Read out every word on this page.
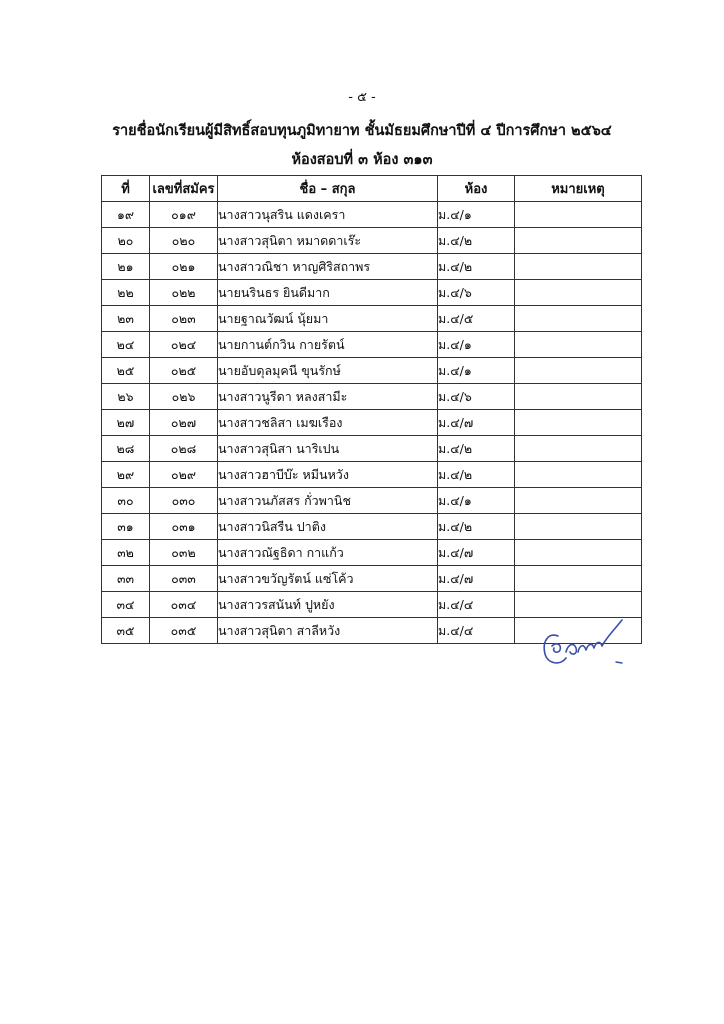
- ๕ -
รายชื่อนักเรียนผู้มีสิทธิ์สอบทุนภูมิทายาท ชั้นมัธยมศึกษาปีที่ ๔ ปีการศึกษา ๒๕๖๔
ห้องสอบที่ ๓ ห้อง ๓๑๓
ที่	เลขที่สมัคร	ชื่อ – สกุล	ห้อง	หมายเหตุ
๑๙	๐๑๙	นางสาวนุสริน แดงเครา	ม.๔/๑	
๒๐	๐๒๐	นางสาวสุนิตา หมาดดาเร๊ะ	ม.๔/๒	
๒๑	๐๒๑	นางสาวณิชา หาญศิริสถาพร	ม.๔/๒	
๒๒	๐๒๒	นายนรินธร ยินดีมาก	ม.๔/๖	
๒๓	๐๒๓	นายฐาณวัฒน์ นุ้ยมา	ม.๔/๕	
๒๔	๐๒๔	นายกานต์กวิน กายรัตน์	ม.๔/๑	
๒๕	๐๒๕	นายอับดุลมุคนี ขุนรักษ์	ม.๔/๑	
๒๖	๐๒๖	นางสาวนูรีดา หลงสามีะ	ม.๔/๖	
๒๗	๐๒๗	นางสาวชลิสา เมฆเรือง	ม.๔/๗	
๒๘	๐๒๘	นางสาวสุนิสา นาริเปน	ม.๔/๒	
๒๙	๐๒๙	นางสาวฮาบีบ๊ะ หมีนหวัง	ม.๔/๒	
๓๐	๐๓๐	นางสาวนภัสสร กั่วพานิช	ม.๔/๑	
๓๑	๐๓๑	นางสาวนิสรีน ปาติง	ม.๔/๒	
๓๒	๐๓๒	นางสาวณัฐธิดา กาแก้ว	ม.๔/๗	
๓๓	๐๓๓	นางสาวขวัญรัตน์ แซ่โค้ว	ม.๔/๗	
๓๔	๐๓๔	นางสาวรสนันท์ ปูหยัง	ม.๔/๔	
๓๕	๐๓๕	นางสาวสุนิตา สาลีหวัง	ม.๔/๔	
